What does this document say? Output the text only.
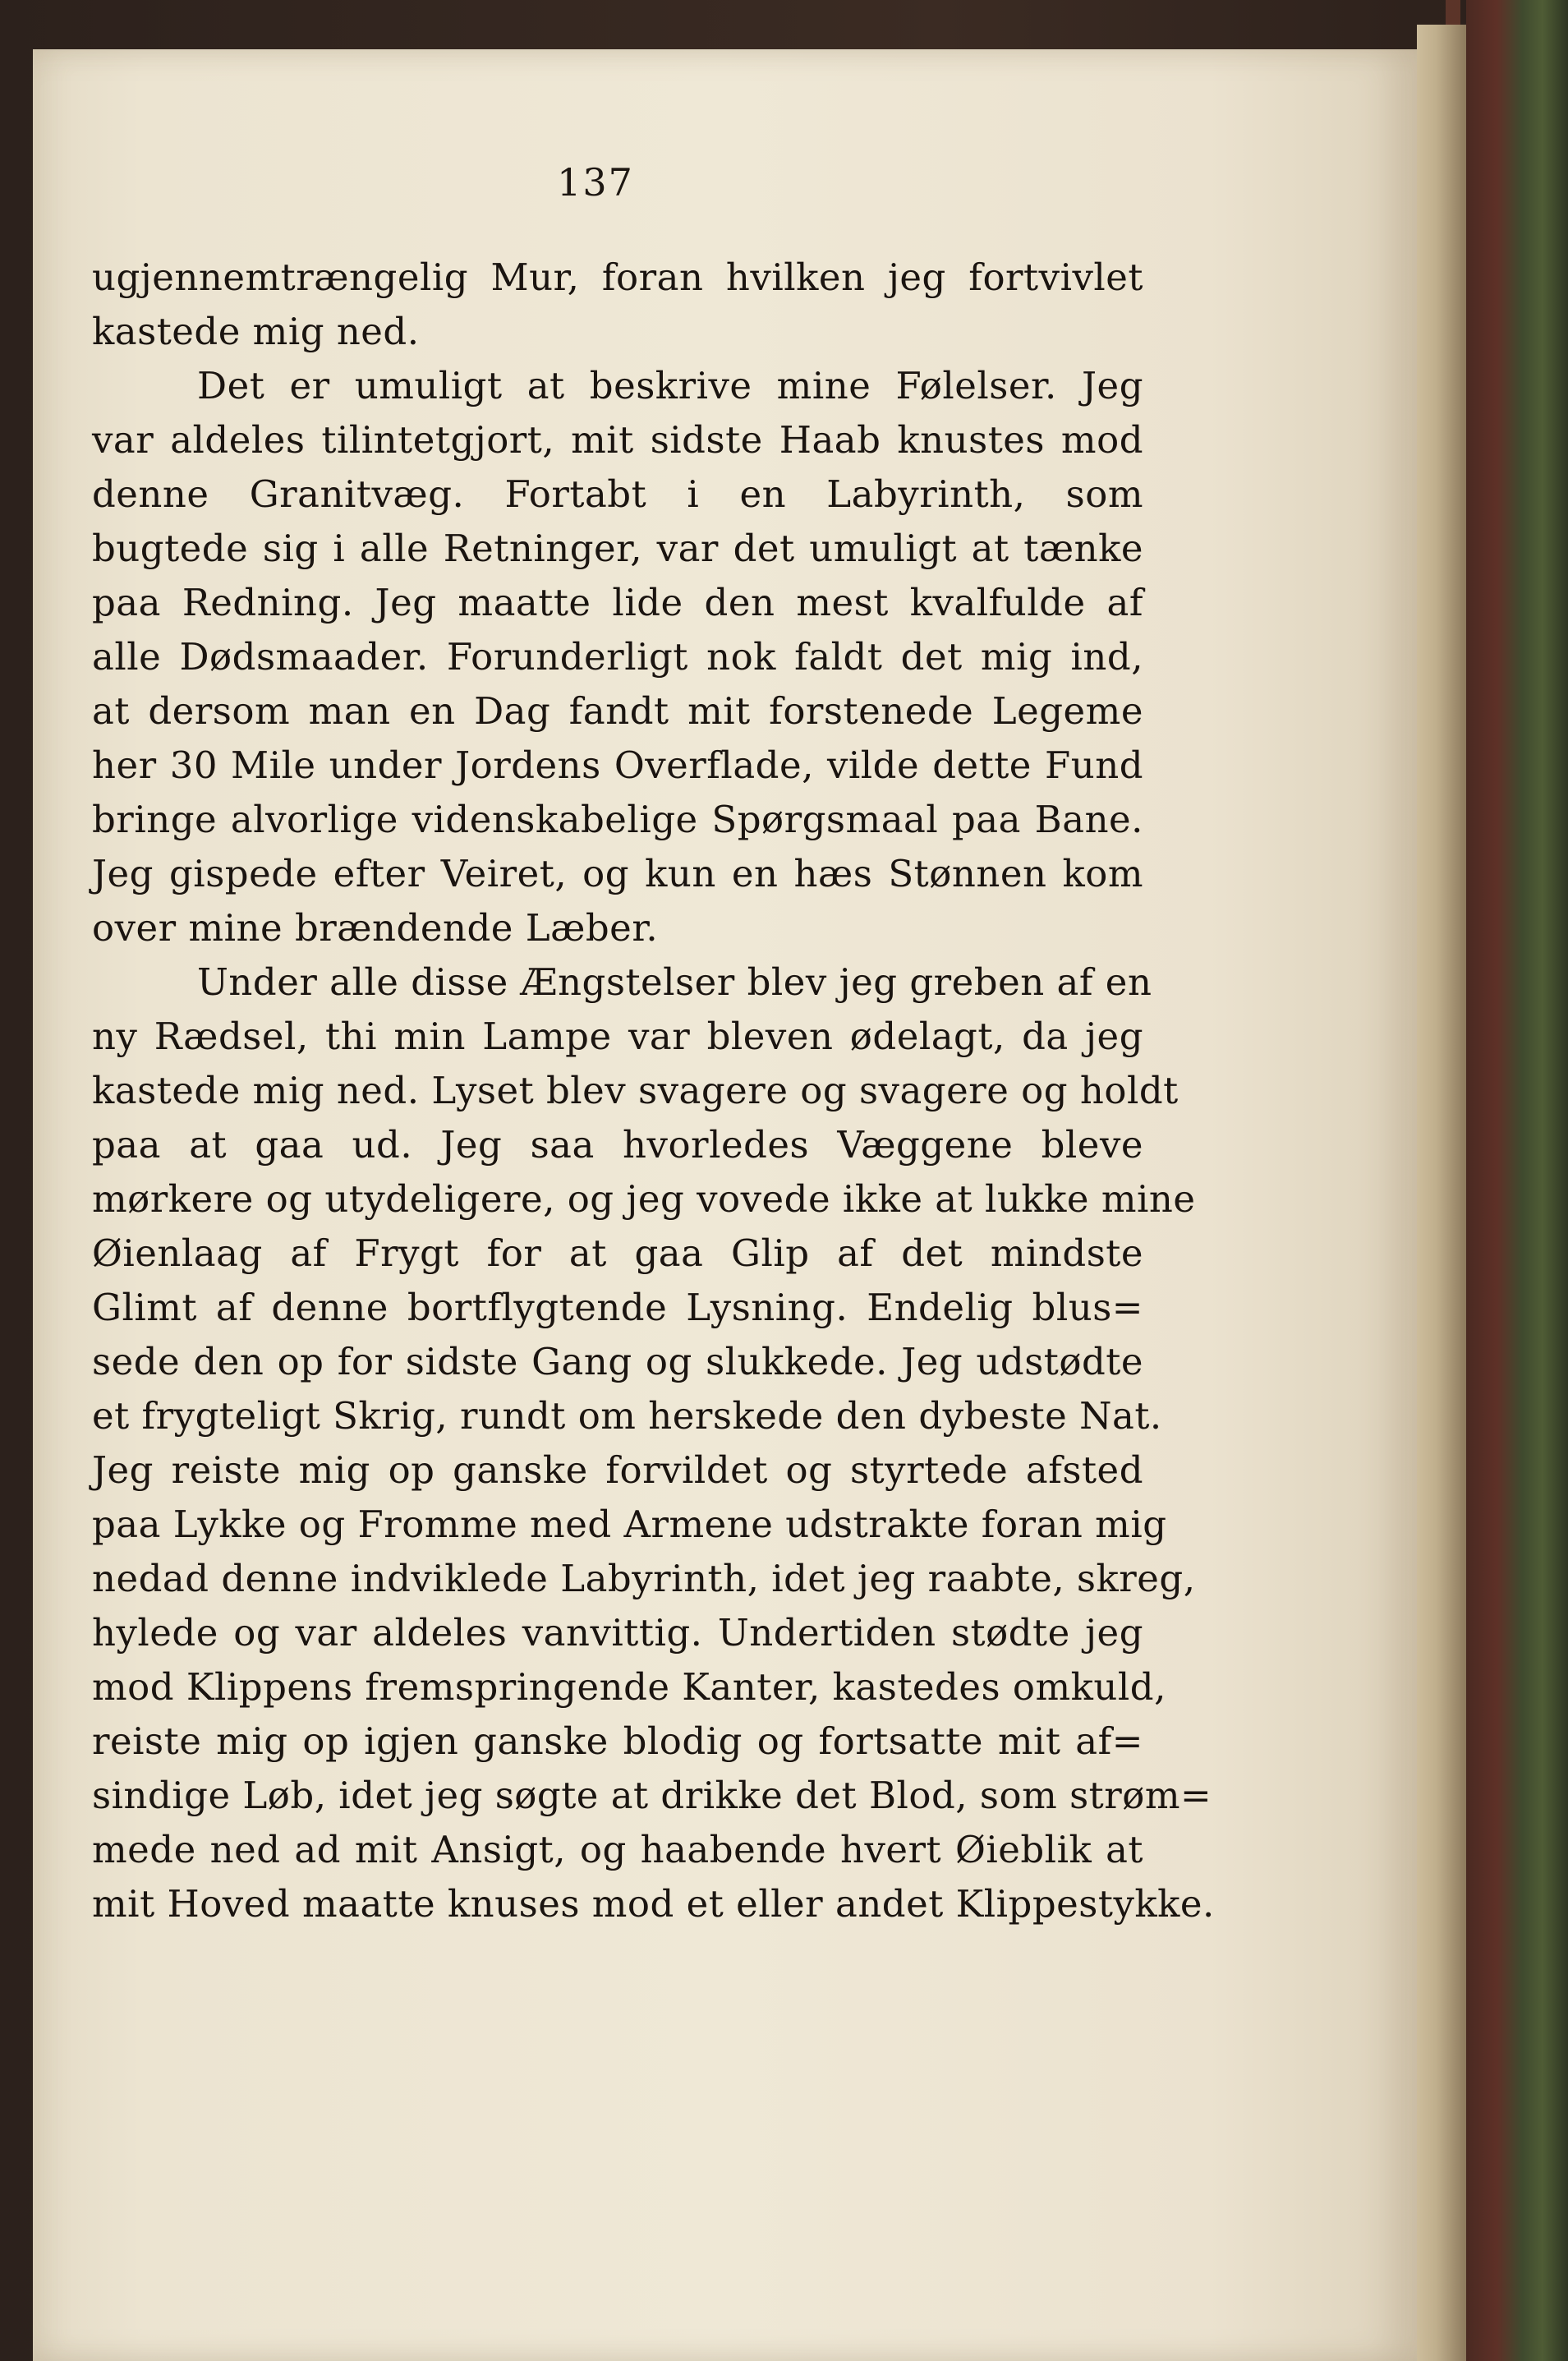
137
ugjennemtrængelig Mur, foran hvilken jeg fortvivlet
kastede mig ned.
Det er umuligt at beskrive mine Følelser. Jeg
var aldeles tilintetgjort, mit sidste Haab knustes mod
denne Granitvæg. Fortabt i en Labyrinth, som
bugtede sig i alle Retninger, var det umuligt at tænke
paa Redning. Jeg maatte lide den mest kvalfulde af
alle Dødsmaader. Forunderligt nok faldt det mig ind,
at dersom man en Dag fandt mit forstenede Legeme
her 30 Mile under Jordens Overflade, vilde dette Fund
bringe alvorlige videnskabelige Spørgsmaal paa Bane.
Jeg gispede efter Veiret, og kun en hæs Stønnen kom
over mine brændende Læber.
Under alle disse Ængstelser blev jeg greben af en
ny Rædsel, thi min Lampe var bleven ødelagt, da jeg
kastede mig ned. Lyset blev svagere og svagere og holdt
paa at gaa ud. Jeg saa hvorledes Væggene bleve
mørkere og utydeligere, og jeg vovede ikke at lukke mine
Øienlaag af Frygt for at gaa Glip af det mindste
Glimt af denne bortflygtende Lysning. Endelig blus=
sede den op for sidste Gang og slukkede. Jeg udstødte
et frygteligt Skrig, rundt om herskede den dybeste Nat.
Jeg reiste mig op ganske forvildet og styrtede afsted
paa Lykke og Fromme med Armene udstrakte foran mig
nedad denne indviklede Labyrinth, idet jeg raabte, skreg,
hylede og var aldeles vanvittig. Undertiden stødte jeg
mod Klippens fremspringende Kanter, kastedes omkuld,
reiste mig op igjen ganske blodig og fortsatte mit af=
sindige Løb, idet jeg søgte at drikke det Blod, som strøm=
mede ned ad mit Ansigt, og haabende hvert Øieblik at
mit Hoved maatte knuses mod et eller andet Klippestykke.
